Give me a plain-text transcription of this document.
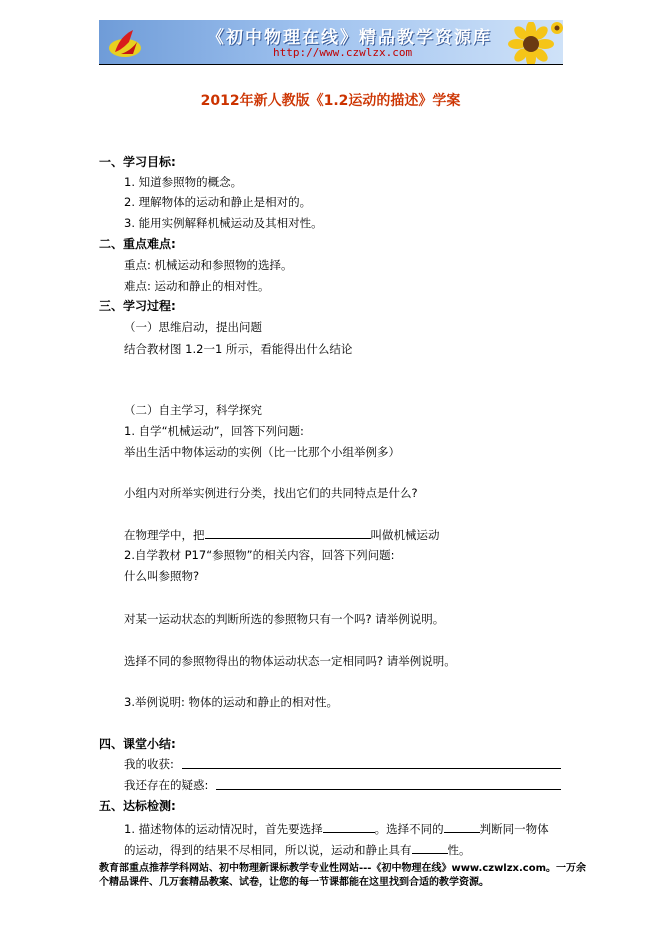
《初中物理在线》精品教学资源库
http://www.czwlzx.com
2012年新人教版《1.2运动的描述》学案
一、学习目标:
1. 知道参照物的概念。
2. 理解物体的运动和静止是相对的。
3. 能用实例解释机械运动及其相对性。
二、重点难点:
重点: 机械运动和参照物的选择。
难点: 运动和静止的相对性。
三、学习过程:
（一）思维启动，提出问题
结合教材图 1.2一1 所示，看能得出什么结论
（二）自主学习，科学探究
1. 自学“机械运动”，回答下列问题:
举出生活中物体运动的实例（比一比那个小组举例多）
小组内对所举实例进行分类，找出它们的共同特点是什么?
在物理学中，把	叫做机械运动
2.自学教材 P17“参照物”的相关内容，回答下列问题:
什么叫参照物?
对某一运动状态的判断所选的参照物只有一个吗? 请举例说明。
选择不同的参照物得出的物体运动状态一定相同吗? 请举例说明。
3.举例说明: 物体的运动和静止的相对性。
四、课堂小结:
我的收获:
我还存在的疑惑:
五、达标检测:
1. 描述物体的运动情况时，首先要选择	。选择不同的	判断同一物体
的运动，得到的结果不尽相同，所以说，运动和静止具有	性。
教育部重点推荐学科网站、初中物理新课标教学专业性网站---《初中物理在线》www.czwlzx.com。一万余
个精品课件、几万套精品教案、试卷，让您的每一节课都能在这里找到合适的教学资源。
